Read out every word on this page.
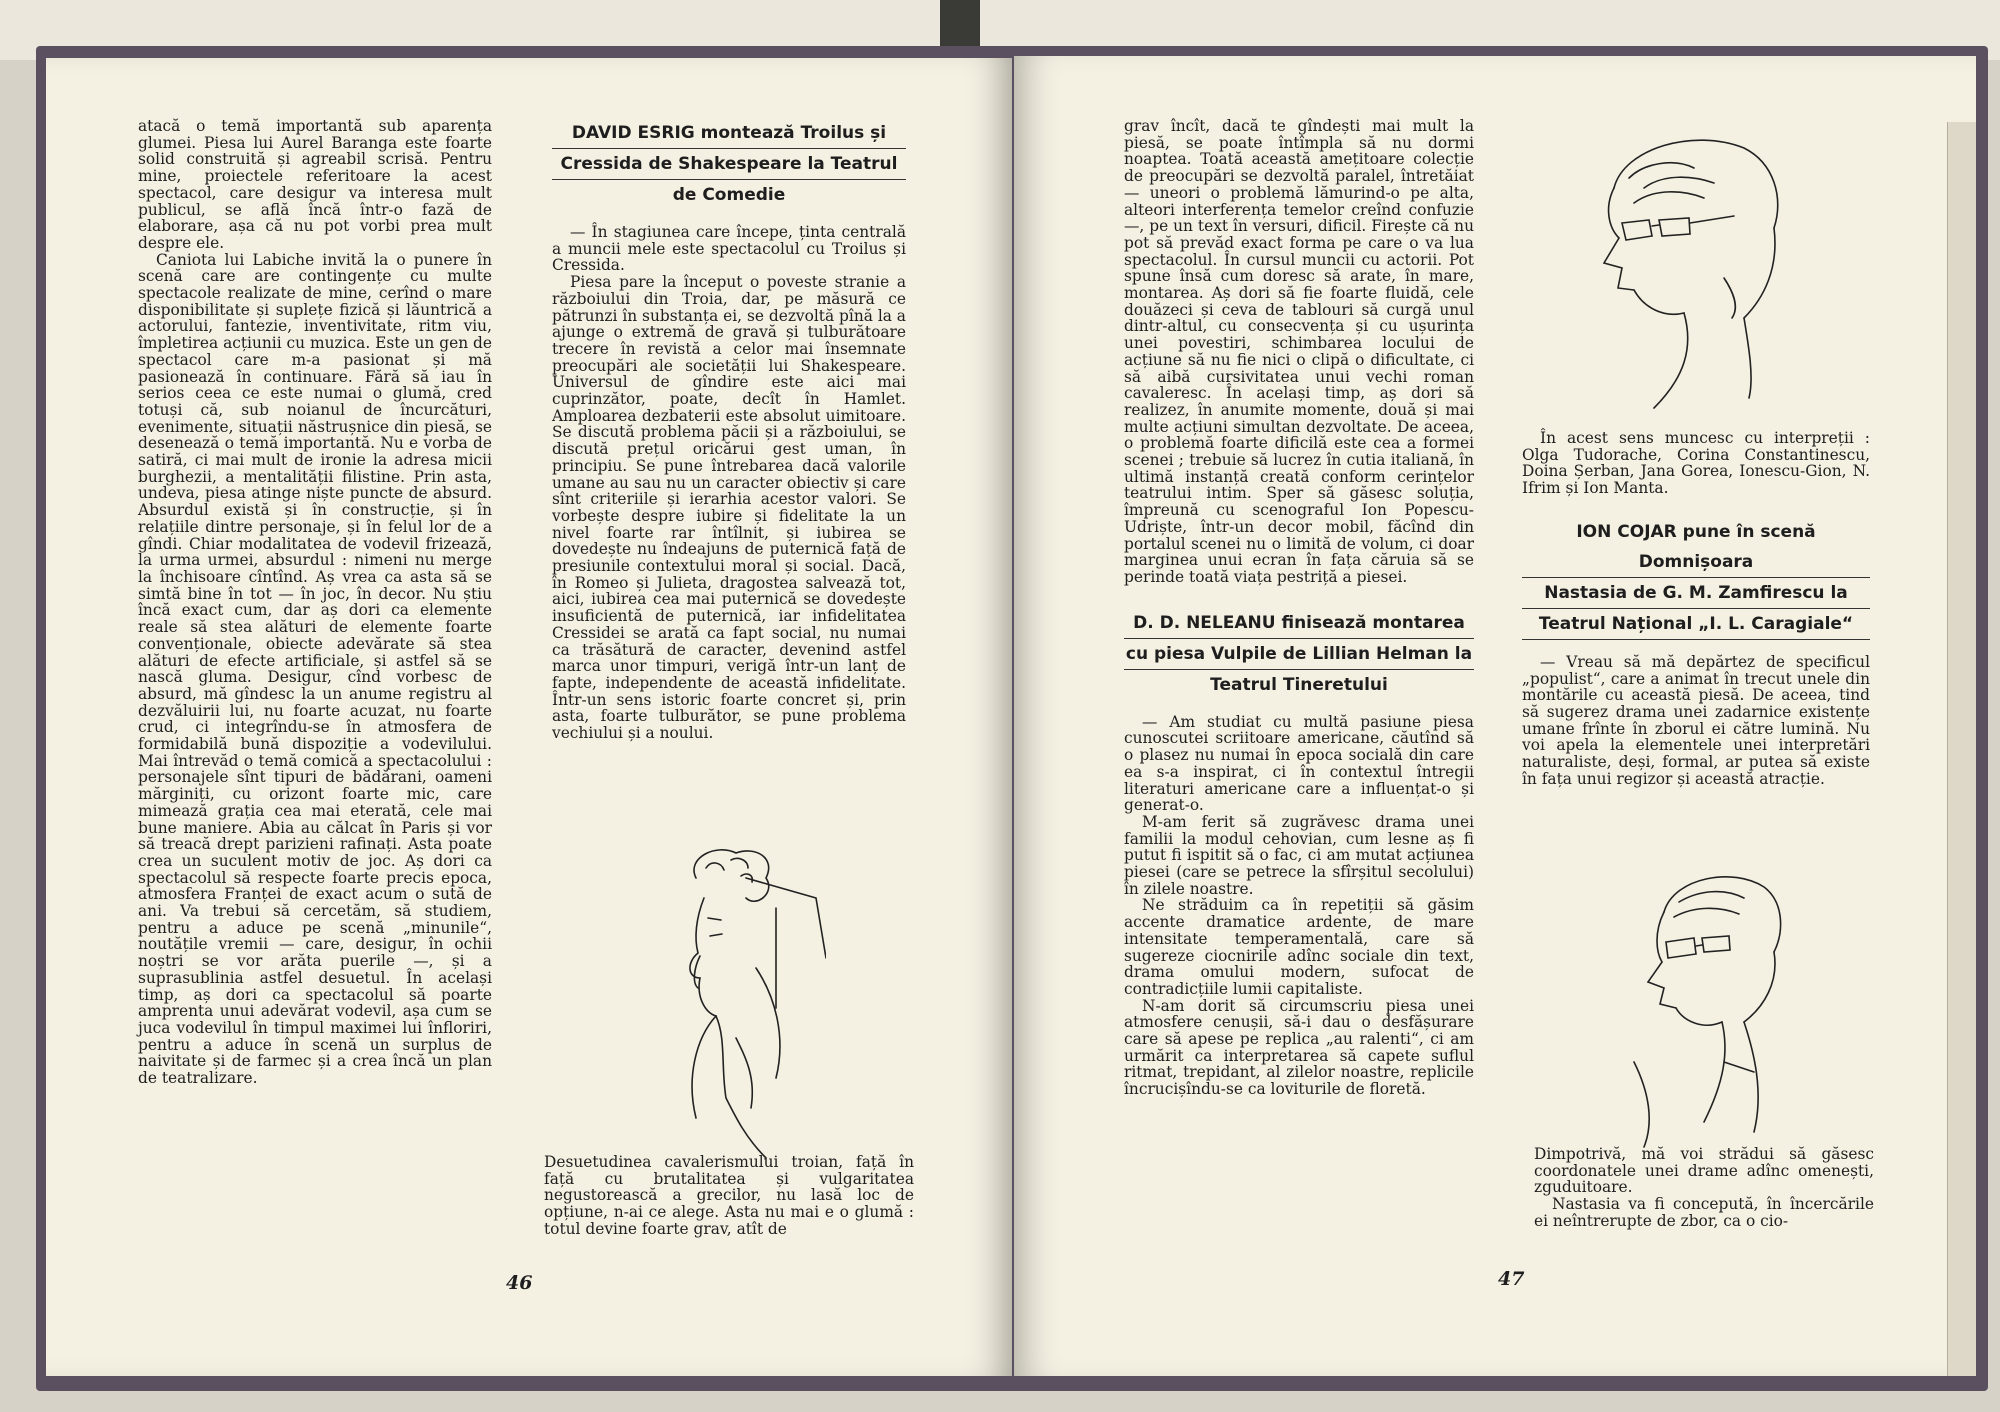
atacă o temă importantă sub aparența glumei. Piesa lui Aurel Baranga este foarte solid construită și agreabil scrisă. Pentru mine, proiectele referitoare la acest spectacol, care desigur va interesa mult publicul, se află încă într-o fază de elaborare, așa că nu pot vorbi prea mult despre ele.

Caniota lui Labiche invită la o punere în scenă care are contingențe cu multe spectacole realizate de mine, cerînd o mare disponibilitate și suplețe fizică și lăuntrică a actorului, fantezie, inventivitate, ritm viu, împletirea acțiunii cu muzica. Este un gen de spectacol care m-a pasionat și mă pasionează în continuare. Fără să iau în serios ceea ce este numai o glumă, cred totuși că, sub noianul de încurcături, evenimente, situații năstrușnice din piesă, se desenează o temă importantă. Nu e vorba de satiră, ci mai mult de ironie la adresa micii burghezii, a mentalității filistine. Prin asta, undeva, piesa atinge niște puncte de absurd. Absurdul există și în construcție, și în relațiile dintre personaje, și în felul lor de a gîndi. Chiar modalitatea de vodevil frizează, la urma urmei, absurdul : nimeni nu merge la închisoare cîntînd. Aș vrea ca asta să se simtă bine în tot — în joc, în decor. Nu știu încă exact cum, dar aș dori ca elemente reale să stea alături de elemente foarte convenționale, obiecte adevărate să stea alături de efecte artificiale, și astfel să se nască gluma. Desigur, cînd vorbesc de absurd, mă gîndesc la un anume registru al dezvăluirii lui, nu foarte acuzat, nu foarte crud, ci integrîndu-se în atmosfera de formidabilă bună dispoziție a vodevilului. Mai întrevăd o temă comică a spectacolului : personajele sînt tipuri de bădărani, oameni mărginiți, cu orizont foarte mic, care mimează grația cea mai eterată, cele mai bune maniere. Abia au călcat în Paris și vor să treacă drept parizieni rafinați. Asta poate crea un suculent motiv de joc. Aș dori ca spectacolul să respecte foarte precis epoca, atmosfera Franței de exact acum o sută de ani. Va trebui să cercetăm, să studiem, pentru a aduce pe scenă „minunile“, noutățile vremii — care, desigur, în ochii noștri se vor arăta puerile —, și a suprasublinia astfel desuetul. În același timp, aș dori ca spectacolul să poarte amprenta unui adevărat vodevil, așa cum se juca vodevilul în timpul maximei lui înfloriri, pentru a aduce în scenă un surplus de naivitate și de farmec și a crea încă un plan de teatralizare.

DAVID ESRIG montează Troilus și
Cressida de Shakespeare la Teatrul
de Comedie

— În stagiunea care începe, ținta centrală a muncii mele este spectacolul cu Troilus și Cressida.

Piesa pare la început o poveste stranie a războiului din Troia, dar, pe măsură ce pătrunzi în substanța ei, se dezvoltă pînă la a ajunge o extremă de gravă și tulburătoare trecere în revistă a celor mai însemnate preocupări ale societății lui Shakespeare. Universul de gîndire este aici mai cuprinzător, poate, decît în Hamlet. Amploarea dezbaterii este absolut uimitoare. Se discută problema păcii și a războiului, se discută prețul oricărui gest uman, în principiu. Se pune întrebarea dacă valorile umane au sau nu un caracter obiectiv și care sînt criteriile și ierarhia acestor valori. Se vorbește despre iubire și fidelitate la un nivel foarte rar întîlnit, și iubirea se dovedește nu îndeajuns de puternică față de presiunile contextului moral și social. Dacă, în Romeo și Julieta, dragostea salvează tot, aici, iubirea cea mai puternică se dovedește insuficientă de puternică, iar infidelitatea Cressidei se arată ca fapt social, nu numai ca trăsătură de caracter, devenind astfel marca unor timpuri, verigă într-un lanț de fapte, independente de această infidelitate. Într-un sens istoric foarte concret și, prin asta, foarte tulburător, se pune problema vechiului și a noului.

Desuetudinea cavalerismului troian, față în față cu brutalitatea și vulgaritatea negustorească a grecilor, nu lasă loc de opțiune, n-ai ce alege. Asta nu mai e o glumă : totul devine foarte grav, atît de
46

grav încît, dacă te gîndești mai mult la piesă, se poate întîmpla să nu dormi noaptea. Toată această amețitoare colecție de preocupări se dezvoltă paralel, întretăiat — uneori o problemă lămurind-o pe alta, alteori interferența temelor creînd confuzie —, pe un text în versuri, dificil. Firește că nu pot să prevăd exact forma pe care o va lua spectacolul. În cursul muncii cu actorii. Pot spune însă cum doresc să arate, în mare, montarea. Aș dori să fie foarte fluidă, cele douăzeci și ceva de tablouri să curgă unul dintr-altul, cu consecvența și cu ușurința unei povestiri, schimbarea locului de acțiune să nu fie nici o clipă o dificultate, ci să aibă cursivitatea unui vechi roman cavaleresc. În același timp, aș dori să realizez, în anumite momente, două și mai multe acțiuni simultan dezvoltate. De aceea, o problemă foarte dificilă este cea a formei scenei ; trebuie să lucrez în cutia italiană, în ultimă instanță creată conform cerințelor teatrului intim. Sper să găsesc soluția, împreună cu scenograful Ion Popescu-Udriște, într-un decor mobil, făcînd din portalul scenei nu o limită de volum, ci doar marginea unui ecran în fața căruia să se perinde toată viața pestriță a piesei.

D. D. NELEANU finisează montarea
cu piesa Vulpile de Lillian Helman la
Teatrul Tineretului

— Am studiat cu multă pasiune piesa cunoscutei scriitoare americane, căutînd să o plasez nu numai în epoca socială din care ea s-a inspirat, ci în contextul întregii literaturi americane care a influențat-o și generat-o.

M-am ferit să zugrăvesc drama unei familii la modul cehovian, cum lesne aș fi putut fi ispitit să o fac, ci am mutat acțiunea piesei (care se petrece la sfîrșitul secolului) în zilele noastre.

Ne străduim ca în repetiții să găsim accente dramatice ardente, de mare intensitate temperamentală, care să sugereze ciocnirile adînc sociale din text, drama omului modern, sufocat de contradicțiile lumii capitaliste.

N-am dorit să circumscriu piesa unei atmosfere cenușii, să-i dau o desfășurare care să apese pe replica „au ralenti“, ci am urmărit ca interpretarea să capete suflul ritmat, trepidant, al zilelor noastre, replicile încrucișîndu-se ca loviturile de floretă.

În acest sens muncesc cu interpreții : Olga Tudorache, Corina Constantinescu, Doina Șerban, Jana Gorea, Ionescu-Gion, N. Ifrim și Ion Manta.

ION COJAR pune în scenă Domnișoara
Nastasia de G. M. Zamfirescu la
Teatrul Național „I. L. Caragiale“

— Vreau să mă depărtez de specificul „populist“, care a animat în trecut unele din montările cu această piesă. De aceea, tind să sugerez drama unei zadarnice existențe umane frînte în zborul ei către lumină. Nu voi apela la elementele unei interpretări naturaliste, deși, formal, ar putea să existe în fața unui regizor și această atracție.

Dimpotrivă, mă voi strădui să găsesc coordonatele unei drame adînc omenești, zguduitoare.

Nastasia va fi concepută, în încercările ei neîntrerupte de zbor, ca o cio-

47
